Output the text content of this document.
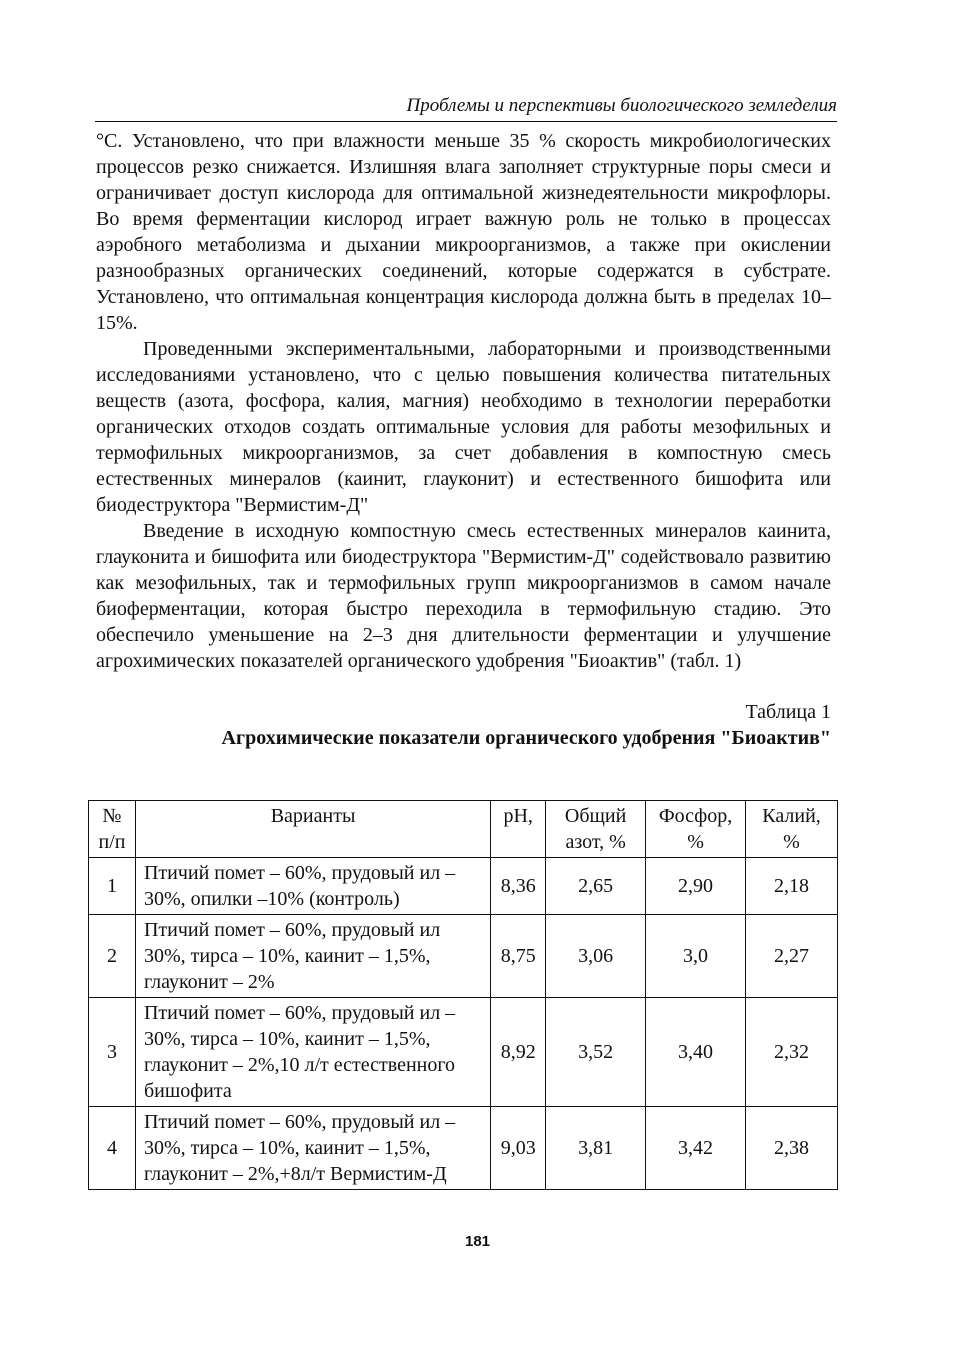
Проблемы и перспективы биологического земледелия

°С. Установлено, что при влажности меньше 35 % скорость микробиологических процессов резко снижается. Излишняя влага заполняет структурные поры смеси и ограничивает доступ кислорода для оптимальной жизнедеятельности микрофлоры. Во время ферментации кислород играет важную роль не только в процессах аэробного метаболизма и дыхании микроорганизмов, а также при окислении разнообразных органических соединений, которые содержатся в субстрате. Установлено, что оптимальная концентрация кислорода должна быть в пределах 10–15%.

Проведенными экспериментальными, лабораторными и производственными исследованиями установлено, что с целью повышения количества питательных веществ (азота, фосфора, калия, магния) необходимо в технологии переработки органических отходов создать оптимальные условия для работы мезофильных и термофильных микроорганизмов, за счет добавления в компостную смесь естественных минералов (каинит, глауконит) и естественного бишофита или биодеструктора "Вермистим-Д"

Введение в исходную компостную смесь естественных минералов каинита, глауконита и бишофита или биодеструктора "Вермистим-Д" содействовало развитию как мезофильных, так и термофильных групп микроорганизмов в самом начале биоферментации, которая быстро переходила в термофильную стадию. Это обеспечило уменьшение на 2–3 дня длительности ферментации и улучшение агрохимических показателей органического удобрения "Биоактив" (табл. 1)

Таблица 1
Агрохимические показатели органического удобрения "Биоактив"
№ п/п	Варианты	pH,	Общий азот, %	Фосфор, %	Калий, %
1	Птичий помет – 60%, прудовый ил – 30%, опилки –10% (контроль)	8,36	2,65	2,90	2,18
2	Птичий помет – 60%, прудовый ил 30%, тирса – 10%, каинит – 1,5%, глауконит – 2%	8,75	3,06	3,0	2,27
3	Птичий помет – 60%, прудовый ил –30%, тирса – 10%, каинит – 1,5%, глауконит – 2%,10 л/т естественного бишофита	8,92	3,52	3,40	2,32
4	Птичий помет – 60%, прудовый ил –30%, тирса – 10%, каинит – 1,5%, глауконит – 2%,+8л/т Вермистим-Д	9,03	3,81	3,42	2,38
181
